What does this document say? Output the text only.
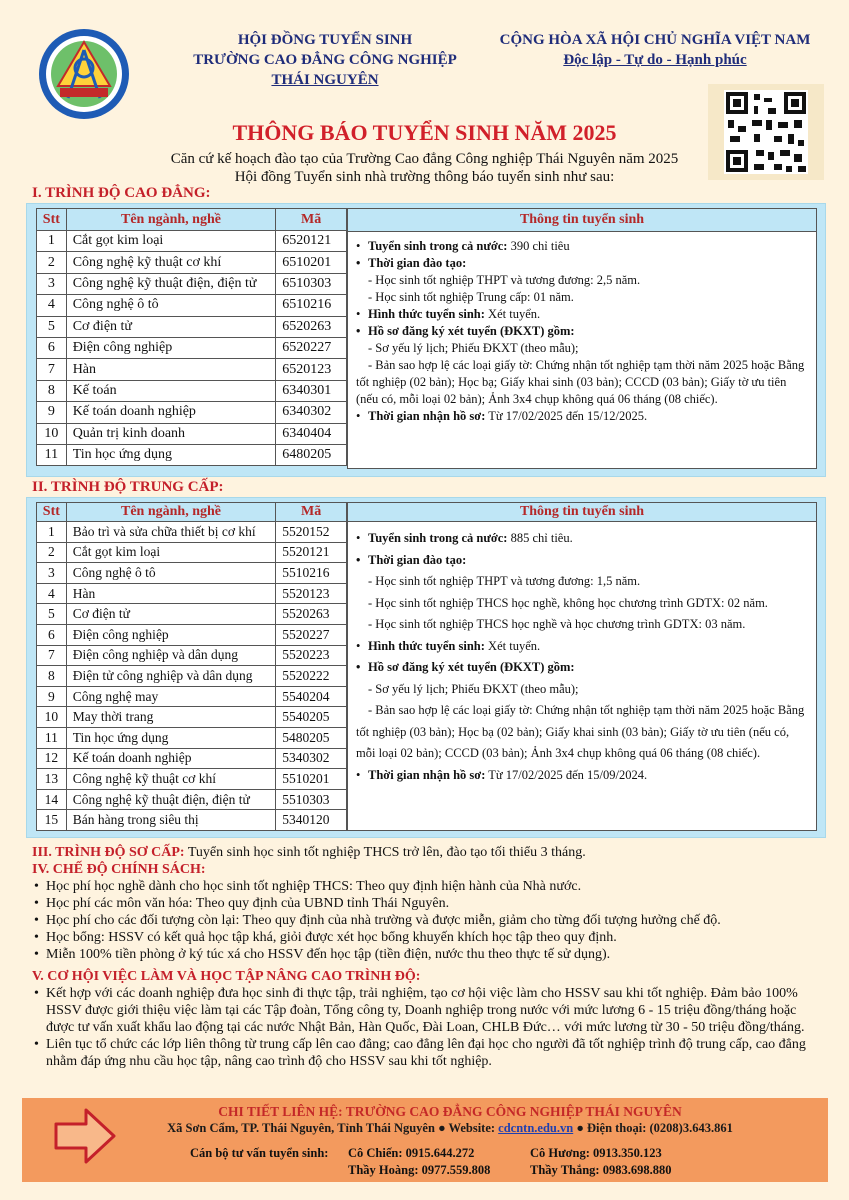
HỘI ĐỒNG TUYỂN SINH
TRƯỜNG CAO ĐẲNG CÔNG NGHIỆP
THÁI NGUYÊN
CỘNG HÒA XÃ HỘI CHỦ NGHĨA VIỆT NAM
Độc lập - Tự do - Hạnh phúc
THÔNG BÁO TUYỂN SINH NĂM 2025
Căn cứ kế hoạch đào tạo của Trường Cao đẳng Công nghiệp Thái Nguyên năm 2025
Hội đồng Tuyển sinh nhà trường thông báo tuyển sinh như sau:
I. TRÌNH ĐỘ CAO ĐẲNG:
Stt	Tên ngành, nghề	Mã
1	Cắt gọt kim loại	6520121
2	Công nghệ kỹ thuật cơ khí	6510201
3	Công nghệ kỹ thuật điện, điện tử	6510303
4	Công nghệ ô tô	6510216
5	Cơ điện tử	6520263
6	Điện công nghiệp	6520227
7	Hàn	6520123
8	Kế toán	6340301
9	Kế toán doanh nghiệp	6340302
10	Quản trị kinh doanh	6340404
11	Tin học ứng dụng	6480205
Thông tin tuyển sinh
• Tuyển sinh trong cả nước: 390 chỉ tiêu
• Thời gian đào tạo:
- Học sinh tốt nghiệp THPT và tương đương: 2,5 năm.
- Học sinh tốt nghiệp Trung cấp: 01 năm.
• Hình thức tuyển sinh: Xét tuyển.
• Hồ sơ đăng ký xét tuyển (ĐKXT) gồm:
- Sơ yếu lý lịch; Phiếu ĐKXT (theo mẫu);
- Bản sao hợp lệ các loại giấy tờ: Chứng nhận tốt nghiệp tạm thời năm 2025 hoặc Bằng tốt nghiệp (02 bản); Học bạ; Giấy khai sinh (03 bản); CCCD (03 bản); Giấy tờ ưu tiên (nếu có, mỗi loại 02 bản); Ảnh 3x4 chụp không quá 06 tháng (08 chiếc).
• Thời gian nhận hồ sơ: Từ 17/02/2025 đến 15/12/2025.
II. TRÌNH ĐỘ TRUNG CẤP:
Stt	Tên ngành, nghề	Mã
1	Bảo trì và sửa chữa thiết bị cơ khí	5520152
2	Cắt gọt kim loại	5520121
3	Công nghệ ô tô	5510216
4	Hàn	5520123
5	Cơ điện tử	5520263
6	Điện công nghiệp	5520227
7	Điện công nghiệp và dân dụng	5520223
8	Điện tử công nghiệp và dân dụng	5520222
9	Công nghệ may	5540204
10	May thời trang	5540205
11	Tin học ứng dụng	5480205
12	Kế toán doanh nghiệp	5340302
13	Công nghệ kỹ thuật cơ khí	5510201
14	Công nghệ kỹ thuật điện, điện tử	5510303
15	Bán hàng trong siêu thị	5340120
Thông tin tuyển sinh
• Tuyển sinh trong cả nước: 885 chỉ tiêu.
• Thời gian đào tạo:
- Học sinh tốt nghiệp THPT và tương đương: 1,5 năm.
- Học sinh tốt nghiệp THCS học nghề, không học chương trình GDTX: 02 năm.
- Học sinh tốt nghiệp THCS học nghề và học chương trình GDTX: 03 năm.
• Hình thức tuyển sinh: Xét tuyển.
• Hồ sơ đăng ký xét tuyển (ĐKXT) gồm:
- Sơ yếu lý lịch; Phiếu ĐKXT (theo mẫu);
- Bản sao hợp lệ các loại giấy tờ: Chứng nhận tốt nghiệp tạm thời năm 2025 hoặc Bằng tốt nghiệp (03 bản); Học bạ (02 bản); Giấy khai sinh (03 bản); Giấy tờ ưu tiên (nếu có, mỗi loại 02 bản); CCCD (03 bản); Ảnh 3x4 chụp không quá 06 tháng (08 chiếc).
• Thời gian nhận hồ sơ: Từ 17/02/2025 đến 15/09/2024.
III. TRÌNH ĐỘ SƠ CẤP: Tuyển sinh học sinh tốt nghiệp THCS trở lên, đào tạo tối thiểu 3 tháng.
IV. CHẾ ĐỘ CHÍNH SÁCH:
• Học phí học nghề dành cho học sinh tốt nghiệp THCS: Theo quy định hiện hành của Nhà nước.
• Học phí các môn văn hóa: Theo quy định của UBND tỉnh Thái Nguyên.
• Học phí cho các đối tượng còn lại: Theo quy định của nhà trường và được miễn, giảm cho từng đối tượng hưởng chế độ.
• Học bổng: HSSV có kết quả học tập khá, giỏi được xét học bổng khuyến khích học tập theo quy định.
• Miễn 100% tiền phòng ở ký túc xá cho HSSV đến học tập (tiền điện, nước thu theo thực tế sử dụng).
V. CƠ HỘI VIỆC LÀM VÀ HỌC TẬP NÂNG CAO TRÌNH ĐỘ:
• Kết hợp với các doanh nghiệp đưa học sinh đi thực tập, trải nghiệm, tạo cơ hội việc làm cho HSSV sau khi tốt nghiệp. Đảm bảo 100% HSSV được giới thiệu việc làm tại các Tập đoàn, Tổng công ty, Doanh nghiệp trong nước với mức lương 6 - 15 triệu đồng/tháng hoặc được tư vấn xuất khẩu lao động tại các nước Nhật Bản, Hàn Quốc, Đài Loan, CHLB Đức… với mức lương từ 30 - 50 triệu đồng/tháng.
• Liên tục tổ chức các lớp liên thông từ trung cấp lên cao đẳng; cao đẳng lên đại học cho người đã tốt nghiệp trình độ trung cấp, cao đẳng nhằm đáp ứng nhu cầu học tập, nâng cao trình độ cho HSSV sau khi tốt nghiệp.
CHI TIẾT LIÊN HỆ: TRƯỜNG CAO ĐẲNG CÔNG NGHIỆP THÁI NGUYÊN
Xã Sơn Cẩm, TP. Thái Nguyên, Tỉnh Thái Nguyên ● Website: cdcntn.edu.vn ● Điện thoại: (0208)3.643.861
Cán bộ tư vấn tuyển sinh: Cô Chiến: 0915.644.272
Thầy Hoàng: 0977.559.808
Cô Hương: 0913.350.123
Thầy Thắng: 0983.698.880
